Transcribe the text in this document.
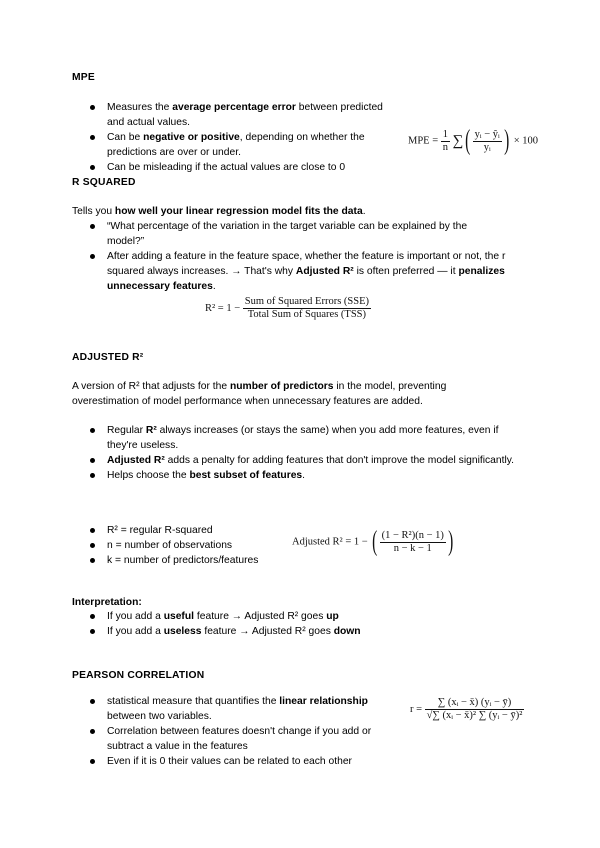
MPE
Measures the average percentage error between predicted and actual values.
Can be negative or positive, depending on whether the predictions are over or under.
Can be misleading if the actual values are close to 0
MPE = $\frac{1}{n}$ ∑( $\frac{\text{yᵢ − ŷᵢ}}{\text{yᵢ}}$ ) × 100
R SQUARED

Tells you how well your linear regression model fits the data.

“What percentage of the variation in the target variable can be explained by the model?”
After adding a feature in the feature space, whether the feature is important or not, the r squared always increases. → That's why Adjusted R² is often preferred — it penalizes unnecessary features.
$R^2 = 1 - \frac{\text{Sum of Squared Errors (SSE)}}{\text{Total Sum of Squares (TSS)}}$
ADJUSTED R²

A version of R² that adjusts for the number of predictors in the model, preventing overestimation of model performance when unnecessary features are added.

Regular R² always increases (or stays the same) when you add more features, even if they're useless.
Adjusted R² adds a penalty for adding features that don't improve the model significantly.
Helps choose the best subset of features.
R² = regular R-squared
n = number of observations
k = number of predictors/features
Adjusted R² = 1 − ( $\frac{\text{(1 − R²)(n − 1)}}{n - k - 1}$ )

Interpretation:

If you add a useful feature → Adjusted R² goes up
If you add a useless feature → Adjusted R² goes down
PEARSON CORRELATION
statistical measure that quantifies the linear relationship between two variables.
Correlation between features doesn't change if you add or subtract a value in the features
Even if it is 0 their values can be related to each other
$r = \frac{\text{∑ (xᵢ − x̄) (yᵢ − ȳ)}}{\text{√∑ (xᵢ − x̄)² ∑ (yᵢ − ȳ)²}}$
